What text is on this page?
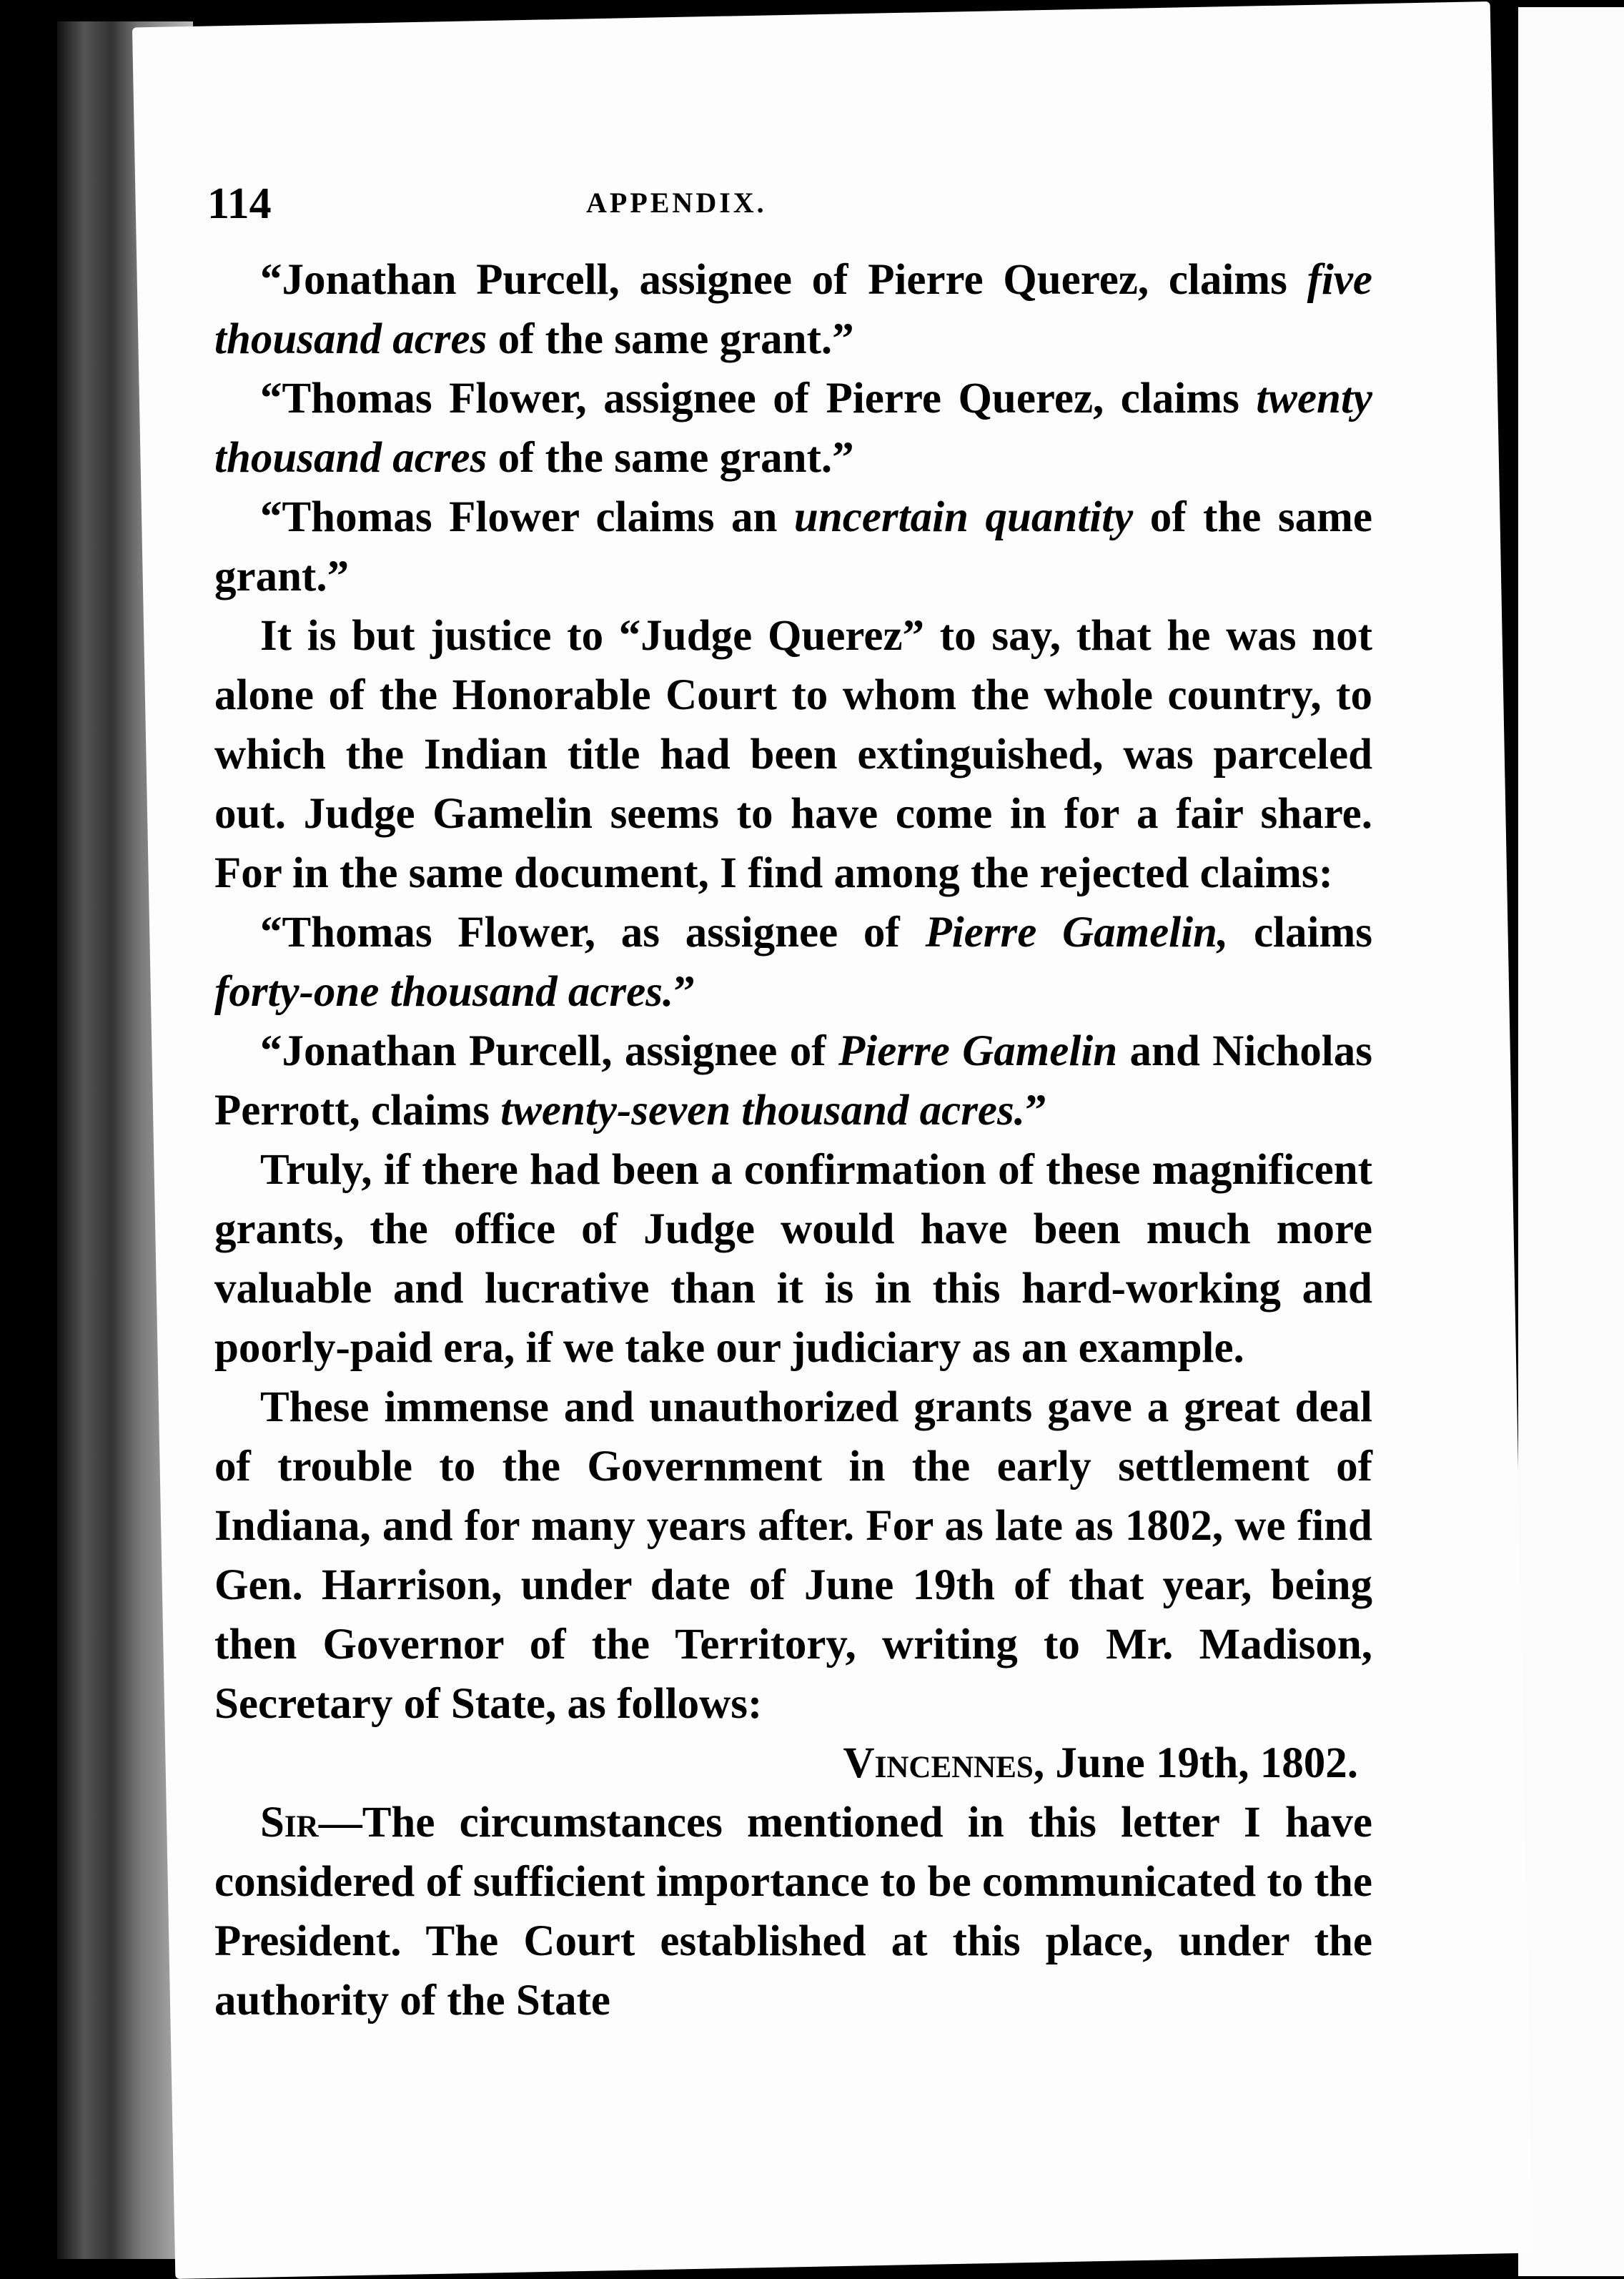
114	APPENDIX.

“Jonathan Purcell, assignee of Pierre Querez, claims five thousand acres of the same grant.”

“Thomas Flower, assignee of Pierre Querez, claims twenty thousand acres of the same grant.”

“Thomas Flower claims an uncertain quantity of the same grant.”

It is but justice to “Judge Querez” to say, that he was not alone of the Honorable Court to whom the whole country, to which the Indian title had been extinguished, was parceled out. Judge Gamelin seems to have come in for a fair share. For in the same document, I find among the rejected claims:

“Thomas Flower, as assignee of Pierre Gamelin, claims forty-one thousand acres.”

“Jonathan Purcell, assignee of Pierre Gamelin and Nicholas Perrott, claims twenty-seven thousand acres.”

Truly, if there had been a confirmation of these magnificent grants, the office of Judge would have been much more valuable and lucrative than it is in this hard-working and poorly-paid era, if we take our judiciary as an example.

These immense and unauthorized grants gave a great deal of trouble to the Government in the early settlement of Indiana, and for many years after. For as late as 1802, we find Gen. Harrison, under date of June 19th of that year, being then Governor of the Territory, writing to Mr. Madison, Secretary of State, as follows:

Vincennes, June 19th, 1802.

Sir—The circumstances mentioned in this letter I have considered of sufficient importance to be communicated to the President. The Court established at this place, under the authority of the State
